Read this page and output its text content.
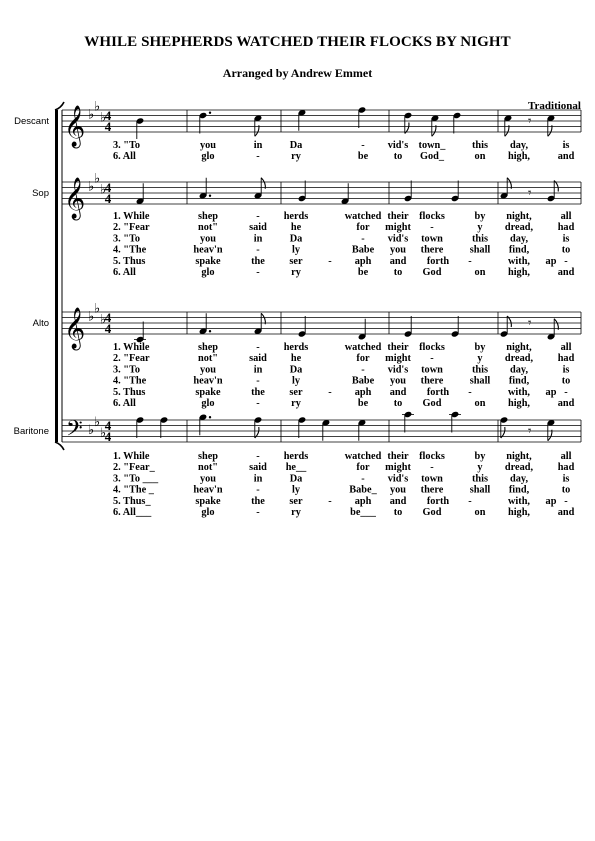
WHILE SHEPHERDS WATCHED THEIR FLOCKS BY NIGHT
Arranged by Andrew Emmet
Traditional
Descant 𝄞 ♭
♭
♭
4
4	𝄾
3. "To	you	in	Da	- vid's town_	this day,	is
6. All	glo	-	ry	be to God_	on high,	and
Sop 𝄞 ♭
♭
♭
4
4	𝄾
1. While	shep	- herds	watched their flocks	by night,	all
2. "Fear	not"	said he	for might -	y dread, had
3. "To	you	in	Da	- vid's town	this day,	is
4. "The	heav'n	-	ly	Babe you there	shall find,	to
5. Thus	spake	the ser - aph and forth -	with, ap -
6. All	glo	-	ry	be to God	on high,	and
Alto 𝄞 ♭
♭
♭
4
4	𝄾
1. While	shep	- herds	watched their flocks	by night,	all
2. "Fear	not"	said he	for might -	y dread, had
3. "To	you	in	Da	- vid's town	this day,	is
4. "The	heav'n	-	ly	Babe you there	shall find,	to
5. Thus	spake	the ser - aph and forth -	with, ap -
6. All	glo	-	ry	be to God	on high,	and
Baritone 𝄢 ♭
♭
♭
4
4	𝄾
1. While	shep	- herds	watched their flocks	by night,	all
2. "Fear_	not"	said he__	for might -	y dread, had
3. "To ___	you	in	Da	- vid's town	this day,	is
4. "The _	heav'n	-	ly	Babe_ you there	shall find,	to
5. Thus_	spake	the ser - aph and forth -	with, ap -
6. All___	glo	-	ry	be___ to God	on high,	and
